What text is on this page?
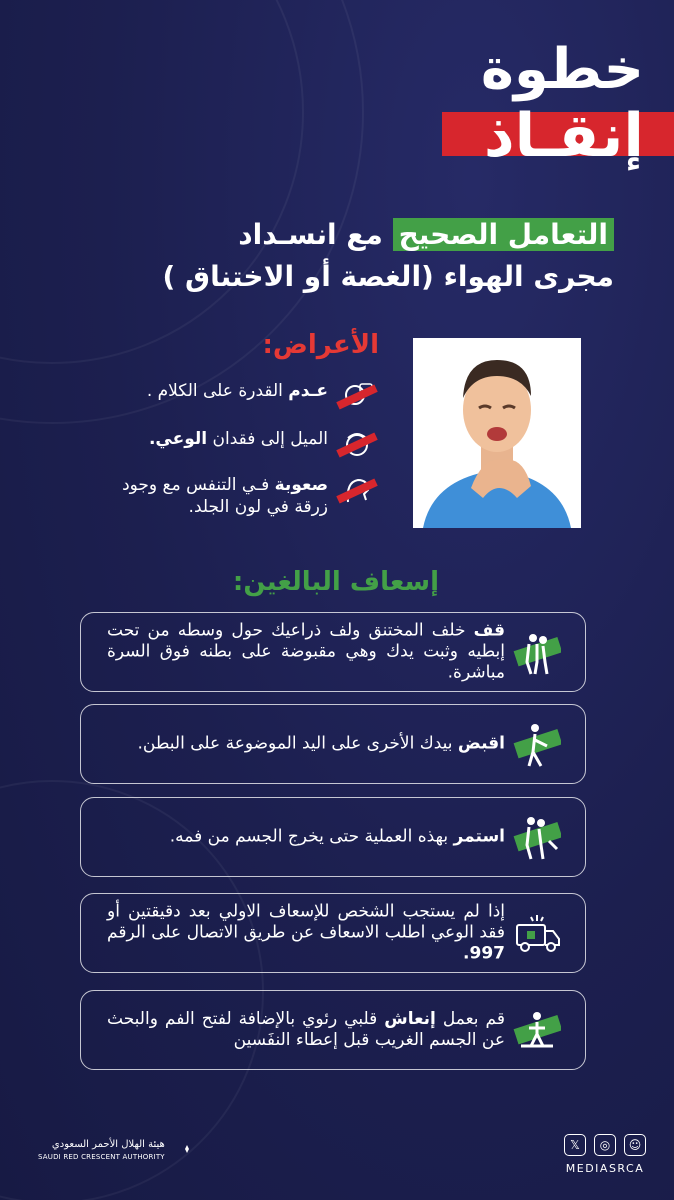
خطوة
إنقـاذ
التعامل الصحيح مع انسـداد
مجرى الهواء (الغصة أو الاختناق )
الأعراض:
عـدم القدرة على الكلام .
الميل إلى فقدان الوعي.
صعوبة فـي التنفس مع وجود زرقة في لون الجلد.
إسعاف البالغين:
قف خلف المختنق ولف ذراعيك حول وسطه من تحت إبطيه وثبت يدك وهي مقبوضة على بطنه فوق السرة مباشرة.
اقبض بيدك الأخرى على اليد الموضوعة على البطن.
استمر بهذه العملية حتى يخرج الجسم من فمه.
إذا لم يستجب الشخص للإسعاف الاولي بعد دقيقتين أو فقد الوعي اطلب الاسعاف عن طريق الاتصال على الرقم 997.
قم بعمل إنعاش قلبي رئوي بالإضافة لفتح الفم والبحث عن الجسم الغريب قبل إعطاء النفَسين
هيئة الهلال الأحمر السعودي
SAUDI RED CRESCENT AUTHORITY
𝕏	◎	☺
MEDIASRCA
